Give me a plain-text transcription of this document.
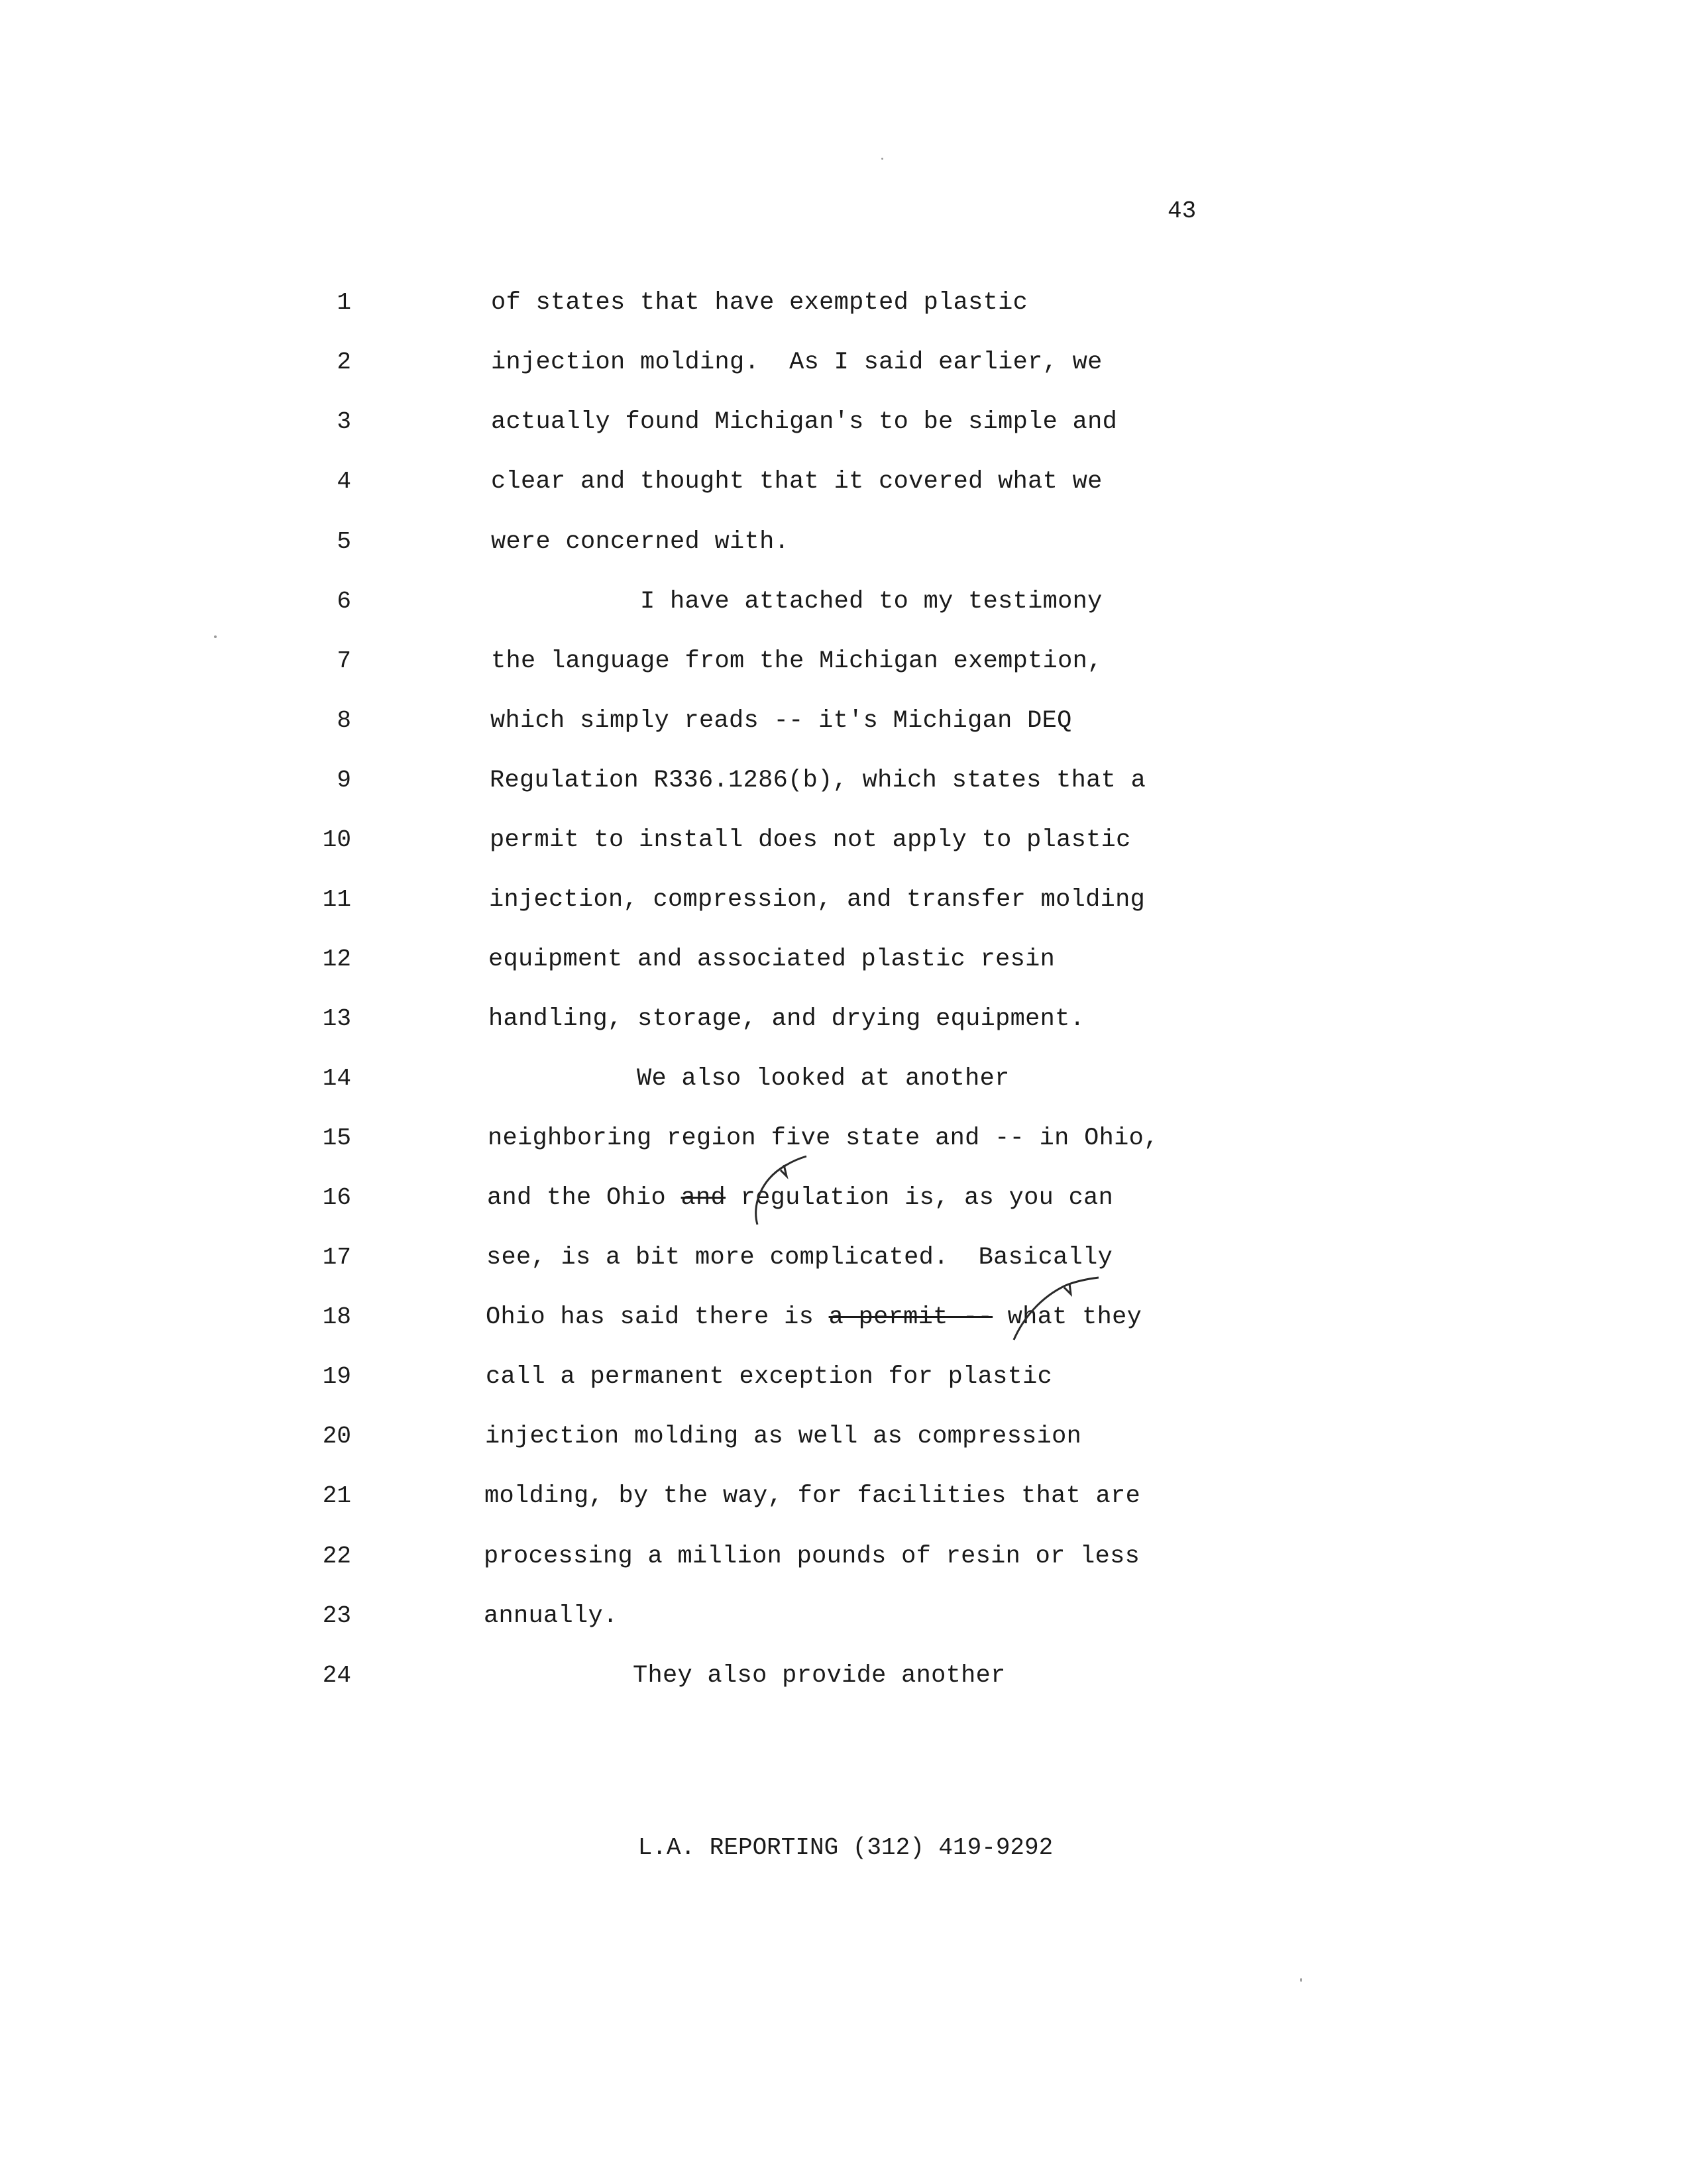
43
1	of states that have exempted plastic
2	injection molding.  As I said earlier, we
3	actually found Michigan's to be simple and
4	clear and thought that it covered what we
5	were concerned with.
6	I have attached to my testimony
7	the language from the Michigan exemption,
8	which simply reads -- it's Michigan DEQ
9	Regulation R336.1286(b), which states that a
10	permit to install does not apply to plastic
11	injection, compression, and transfer molding
12	equipment and associated plastic resin
13	handling, storage, and drying equipment.
14	We also looked at another
15	neighboring region five state and -- in Ohio,
16	and the Ohio and regulation is, as you can
17	see, is a bit more complicated.  Basically
18	Ohio has said there is a permit -- what they
19	call a permanent exception for plastic
20	injection molding as well as compression
21	molding, by the way, for facilities that are
22	processing a million pounds of resin or less
23	annually.
24	They also provide another
L.A. REPORTING (312) 419-9292
